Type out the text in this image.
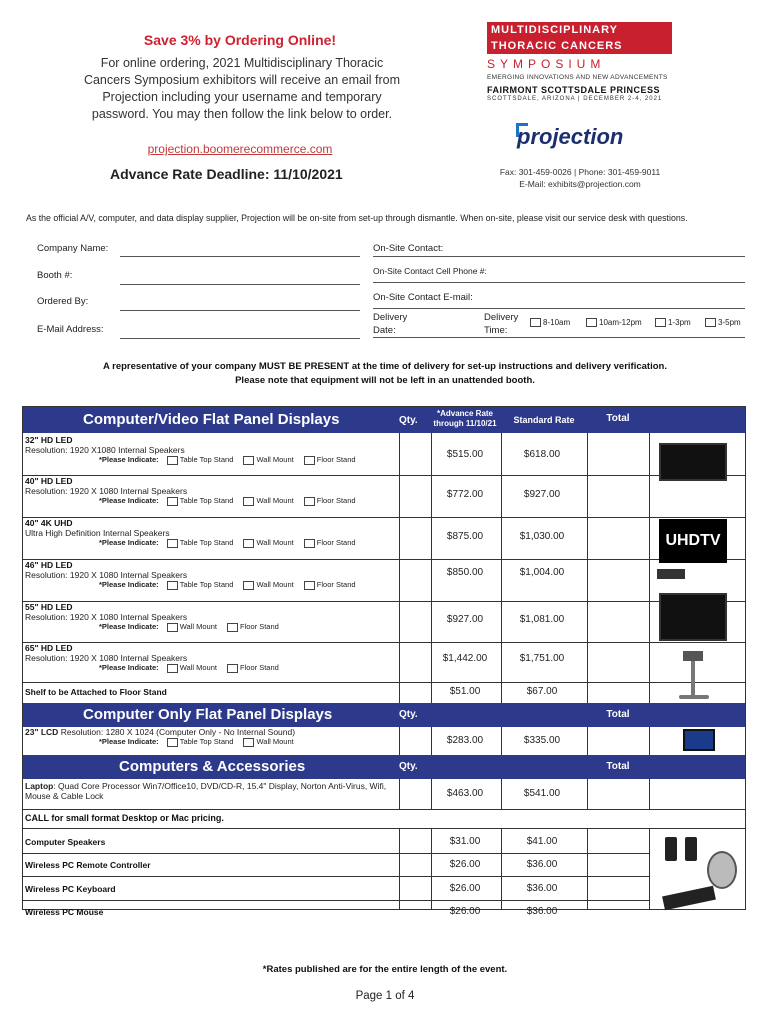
Save 3% by Ordering Online!
For online ordering, 2021 Multidisciplinary Thoracic Cancers Symposium exhibitors will receive an email from Projection including your username and temporary password. You may then follow the link below to order.
projection.boomerecommerce.com
Advance Rate Deadline: 11/10/2021
MULTIDISCIPLINARY
THORACIC CANCERS
SYMPOSIUM
EMERGING INNOVATIONS AND NEW ADVANCEMENTS
FAIRMONT SCOTTSDALE PRINCESS
SCOTTSDALE, ARIZONA | DECEMBER 2-4, 2021
projection
Fax: 301-459-0026 | Phone: 301-459-9011
E-Mail: exhibits@projection.com
As the official A/V, computer, and data display supplier, Projection will be on-site from set-up through dismantle. When on-site, please visit our service desk with questions.
Company Name:
Booth #:
Ordered By:
E-Mail Address:
On-Site Contact:
On-Site Contact Cell Phone #:
On-Site Contact E-mail:
Delivery Date:
Delivery Time:
8-10am	10am-12pm	1-3pm	3-5pm
A representative of your company MUST BE PRESENT at the time of delivery for set-up instructions and delivery verification.
Please note that equipment will not be left in an unattended booth.
Computer/Video Flat Panel Displays	Qty.
*Advance Rate through 11/10/21	Standard Rate	Total
32" HD LED
Resolution: 1920 X1080 Internal Speakers
*Please Indicate:	Table Top Stand	Wall Mount	Floor Stand	$515.00	$618.00
40" HD LED
Resolution: 1920 X 1080 Internal Speakers
*Please Indicate:	Table Top Stand	Wall Mount	Floor Stand
$772.00	$927.00
40" 4K UHD
Ultra High Definition Internal Speakers
*Please Indicate:	Table Top Stand	Wall Mount	Floor Stand
$875.00	$1,030.00
46" HD LED
Resolution: 1920 X 1080 Internal Speakers
*Please Indicate:	Table Top Stand	Wall Mount	Floor Stand
$850.00	$1,004.00
55" HD LED
Resolution: 1920 X 1080 Internal Speakers
*Please Indicate:	Wall Mount	Floor Stand
$927.00	$1,081.00
65" HD LED
Resolution: 1920 X 1080 Internal Speakers
*Please Indicate:	Wall Mount	Floor Stand
$1,442.00	$1,751.00
Shelf to be Attached to Floor Stand	$51.00	$67.00
Computer Only Flat Panel Displays	Qty.	Total
23" LCD Resolution: 1280 X 1024 (Computer Only - No Internal Sound)
*Please Indicate:	Table Top Stand	Wall Mount	$283.00	$335.00
Computers & Accessories	Qty.	Total
Laptop: Quad Core Processor Win7/Office10, DVD/CD-R, 15.4" Display, Norton Anti-Virus, Wifi, Mouse & Cable Lock	$463.00	$541.00
CALL for small format Desktop or Mac pricing.
Computer Speakers	$31.00	$41.00
Wireless PC Remote Controller	$26.00	$36.00
Wireless PC Keyboard	$26.00	$36.00
Wireless PC Mouse	$26.00	$36.00
UHDTV
*Rates published are for the entire length of the event.
Page 1 of 4
